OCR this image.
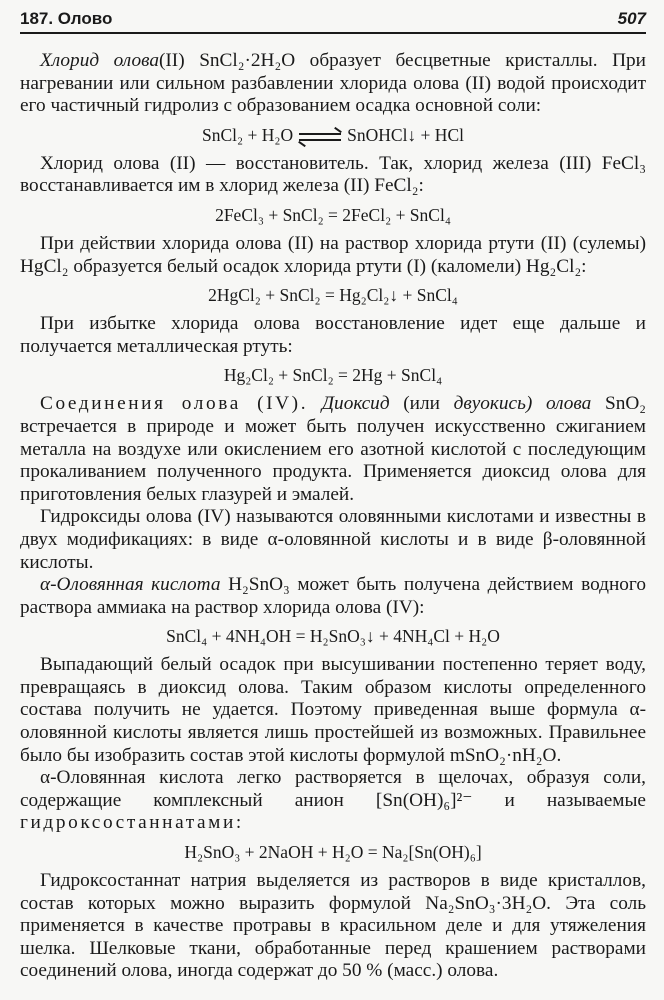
187. Олово	507

Хлорид олова(II) SnCl₂·2H₂O образует бесцветные кристаллы. При нагревании или сильном разбавлении хлорида олова (II) водой происходит его частичный гидролиз с образованием осадка основной соли:

SnCl₂ + H₂O	SnOHCl↓ + HCl

Хлорид олова (II) — восстановитель. Так, хлорид железа (III) FeCl₃ восстанавливается им в хлорид железа (II) FeCl₂:

2FeCl₃ + SnCl₂ = 2FeCl₂ + SnCl₄

При действии хлорида олова (II) на раствор хлорида ртути (II) (сулемы) HgCl₂ образуется белый осадок хлорида ртути (I) (каломели) Hg₂Cl₂:

2HgCl₂ + SnCl₂ = Hg₂Cl₂↓ + SnCl₄

При избытке хлорида олова восстановление идет еще дальше и получается металлическая ртуть:

Hg₂Cl₂ + SnCl₂ = 2Hg + SnCl₄

Соединения олова (IV). Диоксид (или двуокись) олова SnO₂ встречается в природе и может быть получен искусственно сжиганием металла на воздухе или окислением его азотной кислотой с последующим прокаливанием полученного продукта. Применяется диоксид олова для приготовления белых глазурей и эмалей.

Гидроксиды олова (IV) называются оловянными кислотами и известны в двух модификациях: в виде α-оловянной кислоты и в виде β-оловянной кислоты.

α-Оловянная кислота H₂SnO₃ может быть получена действием водного раствора аммиака на раствор хлорида олова (IV):

SnCl₄ + 4NH₄OH = H₂SnO₃↓ + 4NH₄Cl + H₂O

Выпадающий белый осадок при высушивании постепенно теряет воду, превращаясь в диоксид олова. Таким образом кислоты определенного состава получить не удается. Поэтому приведенная выше формула α-оловянной кислоты является лишь простейшей из возможных. Правильнее было бы изобразить состав этой кислоты формулой mSnO₂·nH₂O.

α-Оловянная кислота легко растворяется в щелочах, образуя соли, содержащие комплексный анион [Sn(OH)₆]²⁻ и называемые гидроксостаннатами:

H₂SnO₃ + 2NaOH + H₂O = Na₂[Sn(OH)₆]

Гидроксостаннат натрия выделяется из растворов в виде кристаллов, состав которых можно выразить формулой Na₂SnO₃·3H₂O. Эта соль применяется в качестве протравы в красильном деле и для утяжеления шелка. Шелковые ткани, обработанные перед крашением растворами соединений олова, иногда содержат до 50 % (масс.) олова.
